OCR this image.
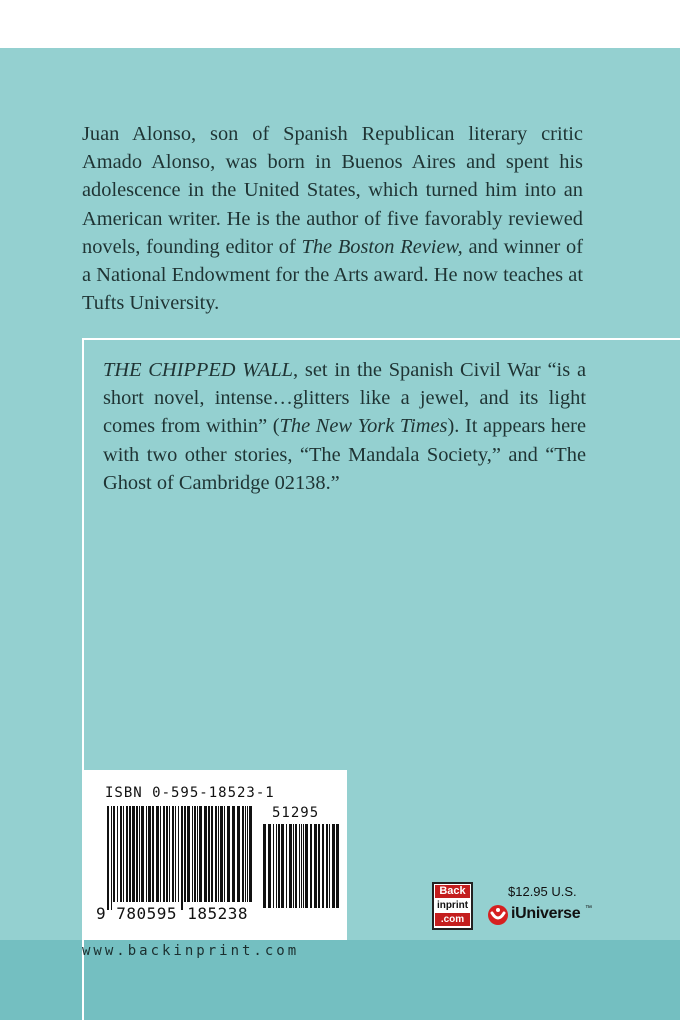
Juan Alonso, son of Spanish Republican literary critic Amado Alonso, was born in Buenos Aires and spent his adolescence in the United States, which turned him into an American writer. He is the author of five favorably reviewed novels, founding editor of The Boston Review, and winner of a National Endowment for the Arts award. He now teaches at Tufts University.

THE CHIPPED WALL, set in the Spanish Civil War “is a short novel, intense…glitters like a jewel, and its light comes from within” (The New York Times). It appears here with two other stories, “The Mandala Society,” and “The Ghost of Cambridge 02138.”

ISBN 0-595-18523-1
51295
9 780595 185238
www.backinprint.com
Back
inprint
.com
$12.95 U.S.
iUniverse ™
